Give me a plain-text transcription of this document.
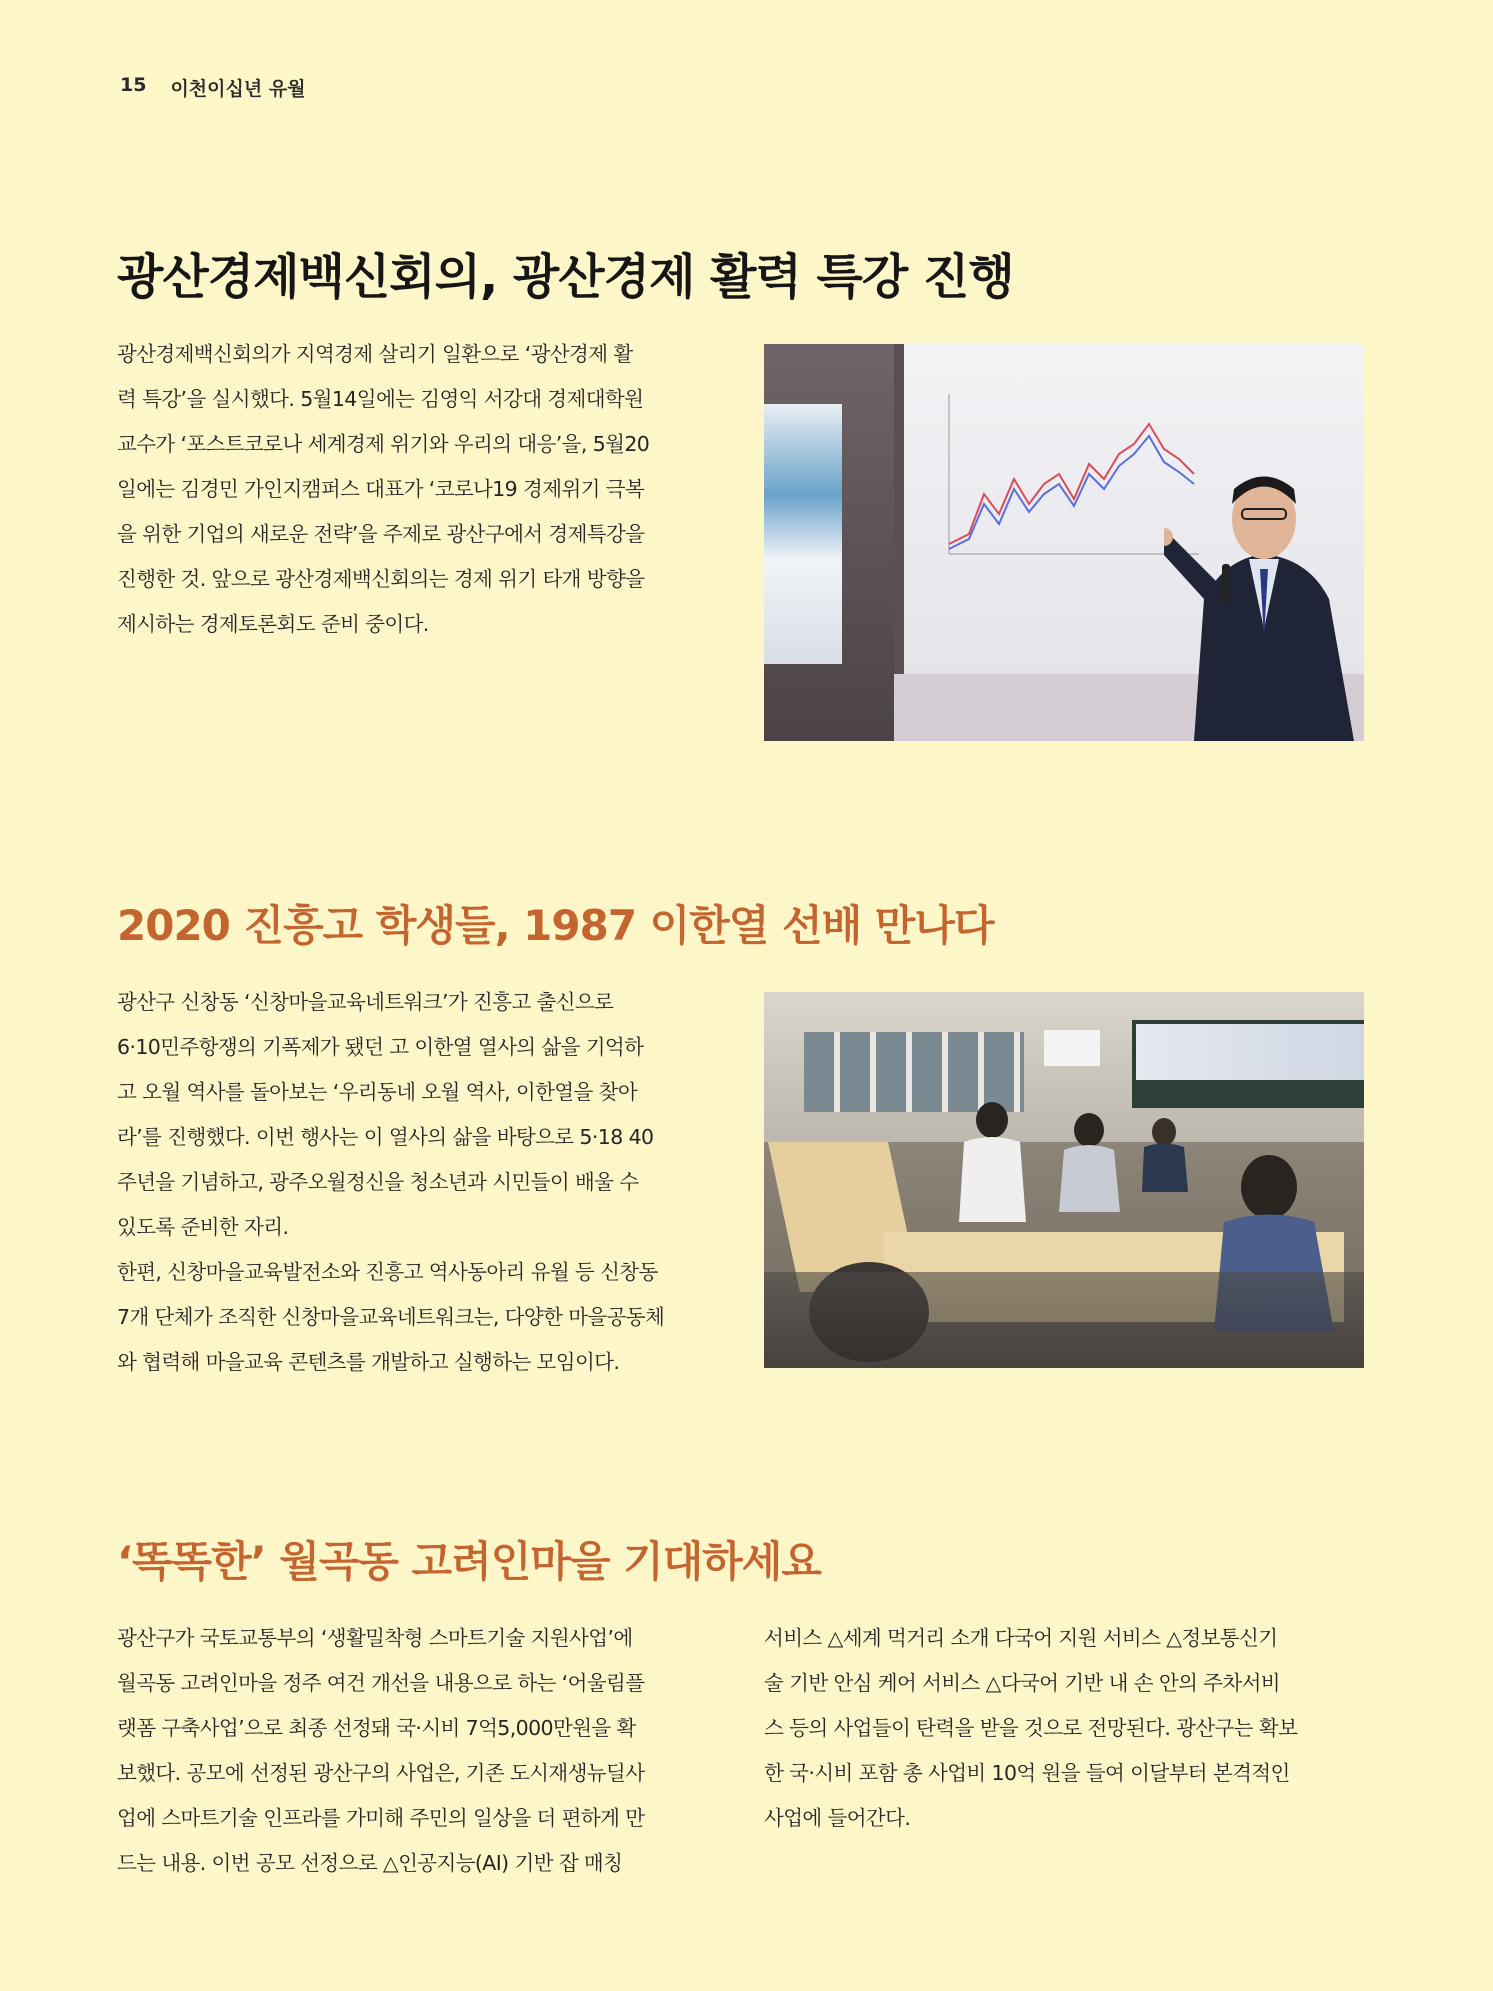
15 이천이십년 유월
광산경제백신회의, 광산경제 활력 특강 진행

광산경제백신회의가 지역경제 살리기 일환으로 ‘광산경제 활

력 특강’을 실시했다. 5월14일에는 김영익 서강대 경제대학원

교수가 ‘포스트코로나 세계경제 위기와 우리의 대응’을, 5월20

일에는 김경민 가인지캠퍼스 대표가 ‘코로나19 경제위기 극복

을 위한 기업의 새로운 전략’을 주제로 광산구에서 경제특강을

진행한 것. 앞으로 광산경제백신회의는 경제 위기 타개 방향을

제시하는 경제토론회도 준비 중이다.

2020 진흥고 학생들, 1987 이한열 선배 만나다

광산구 신창동 ‘신창마을교육네트워크’가 진흥고 출신으로

6·10민주항쟁의 기폭제가 됐던 고 이한열 열사의 삶을 기억하

고 오월 역사를 돌아보는 ‘우리동네 오월 역사, 이한열을 찾아

라’를 진행했다. 이번 행사는 이 열사의 삶을 바탕으로 5·18 40

주년을 기념하고, 광주오월정신을 청소년과 시민들이 배울 수

있도록 준비한 자리.

한편, 신창마을교육발전소와 진흥고 역사동아리 유월 등 신창동

7개 단체가 조직한 신창마을교육네트워크는, 다양한 마을공동체

와 협력해 마을교육 콘텐츠를 개발하고 실행하는 모임이다.

‘똑똑한’ 월곡동 고려인마을 기대하세요

광산구가 국토교통부의 ‘생활밀착형 스마트기술 지원사업’에

월곡동 고려인마을 정주 여건 개선을 내용으로 하는 ‘어울림플

랫폼 구축사업’으로 최종 선정돼 국·시비 7억5,000만원을 확

보했다. 공모에 선정된 광산구의 사업은, 기존 도시재생뉴딜사

업에 스마트기술 인프라를 가미해 주민의 일상을 더 편하게 만

드는 내용. 이번 공모 선정으로 △인공지능(AI) 기반 잡 매칭

서비스 △세계 먹거리 소개 다국어 지원 서비스 △정보통신기

술 기반 안심 케어 서비스 △다국어 기반 내 손 안의 주차서비

스 등의 사업들이 탄력을 받을 것으로 전망된다. 광산구는 확보

한 국·시비 포함 총 사업비 10억 원을 들여 이달부터 본격적인

사업에 들어간다.
